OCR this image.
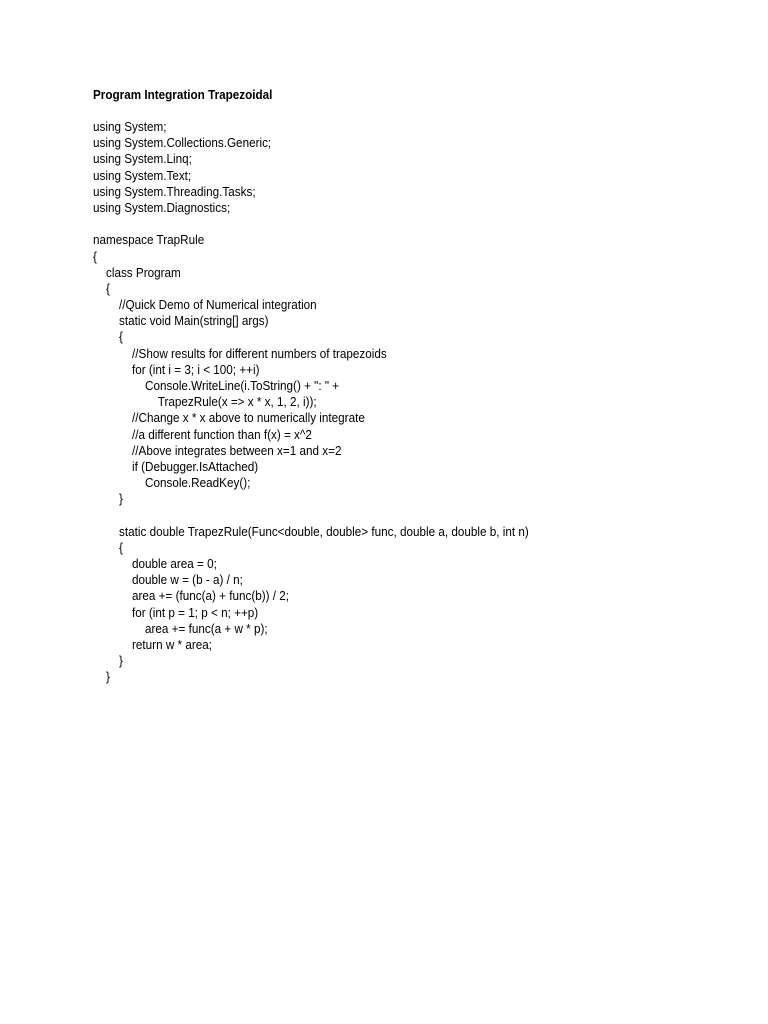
Program Integration Trapezoidal
using System;
using System.Collections.Generic;
using System.Linq;
using System.Text;
using System.Threading.Tasks;
using System.Diagnostics;
namespace TrapRule
{
class Program
{
//Quick Demo of Numerical integration
static void Main(string[] args)
{
//Show results for different numbers of trapezoids
for (int i = 3; i < 100; ++i)
Console.WriteLine(i.ToString() + ": " +
TrapezRule(x => x * x, 1, 2, i));
//Change x * x above to numerically integrate
//a different function than f(x) = x^2
//Above integrates between x=1 and x=2
if (Debugger.IsAttached)
Console.ReadKey();
}
static double TrapezRule(Func<double, double> func, double a, double b, int n)
{
double area = 0;
double w = (b - a) / n;
area += (func(a) + func(b)) / 2;
for (int p = 1; p < n; ++p)
area += func(a + w * p);
return w * area;
}
}
